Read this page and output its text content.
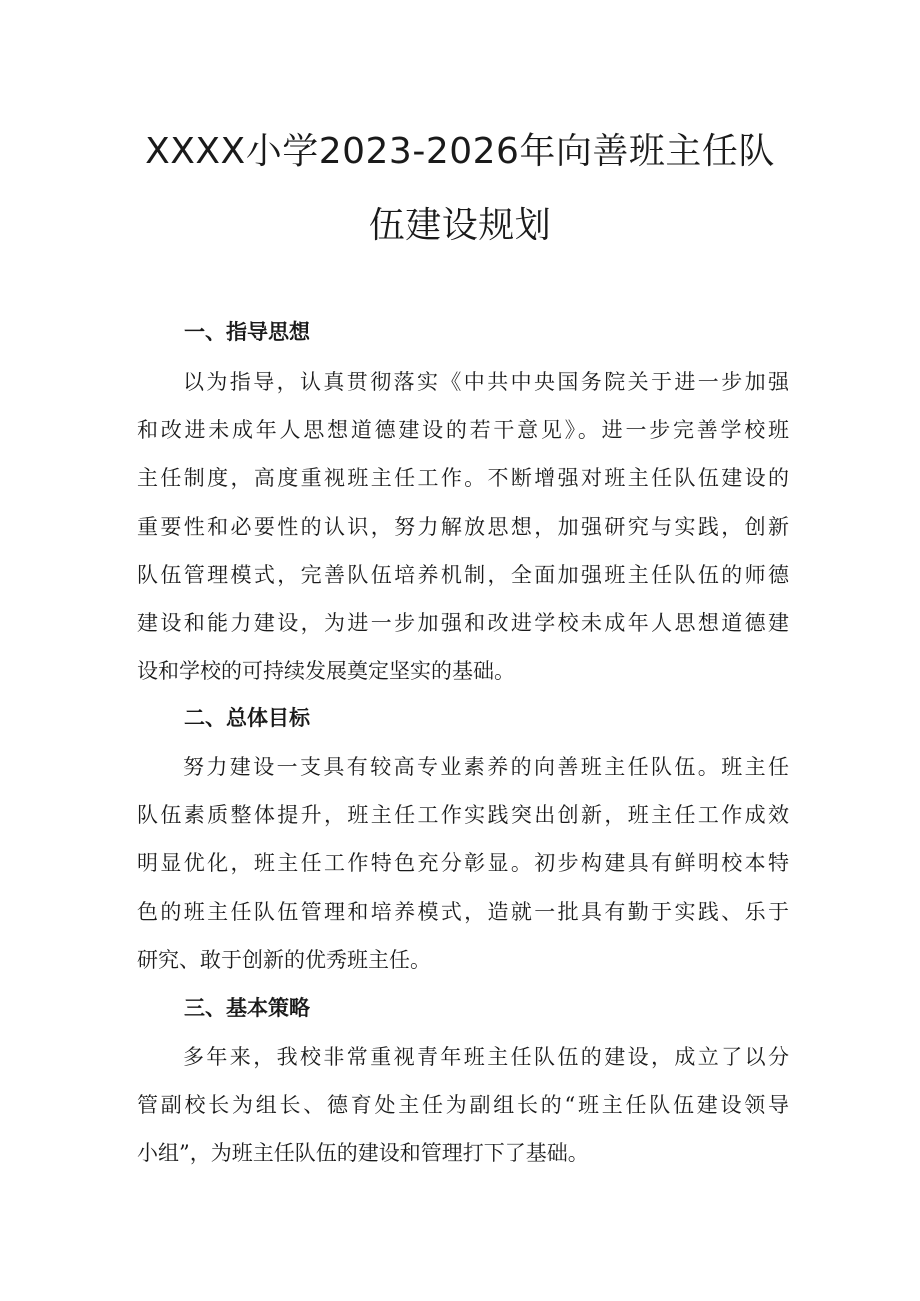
XXXX小学2023-2026年向善班主任队
伍建设规划
一、指导思想
以为指导，认真贯彻落实《中共中央国务院关于进一步加强
和改进未成年人思想道德建设的若干意见》。进一步完善学校班
主任制度，高度重视班主任工作。不断增强对班主任队伍建设的
重要性和必要性的认识，努力解放思想，加强研究与实践，创新
队伍管理模式，完善队伍培养机制，全面加强班主任队伍的师德
建设和能力建设，为进一步加强和改进学校未成年人思想道德建
设和学校的可持续发展奠定坚实的基础。
二、总体目标
努力建设一支具有较高专业素养的向善班主任队伍。班主任
队伍素质整体提升，班主任工作实践突出创新，班主任工作成效
明显优化，班主任工作特色充分彰显。初步构建具有鲜明校本特
色的班主任队伍管理和培养模式，造就一批具有勤于实践、乐于
研究、敢于创新的优秀班主任。
三、基本策略
多年来，我校非常重视青年班主任队伍的建设，成立了以分
管副校长为组长、德育处主任为副组长的“班主任队伍建设领导
小组”，为班主任队伍的建设和管理打下了基础。
